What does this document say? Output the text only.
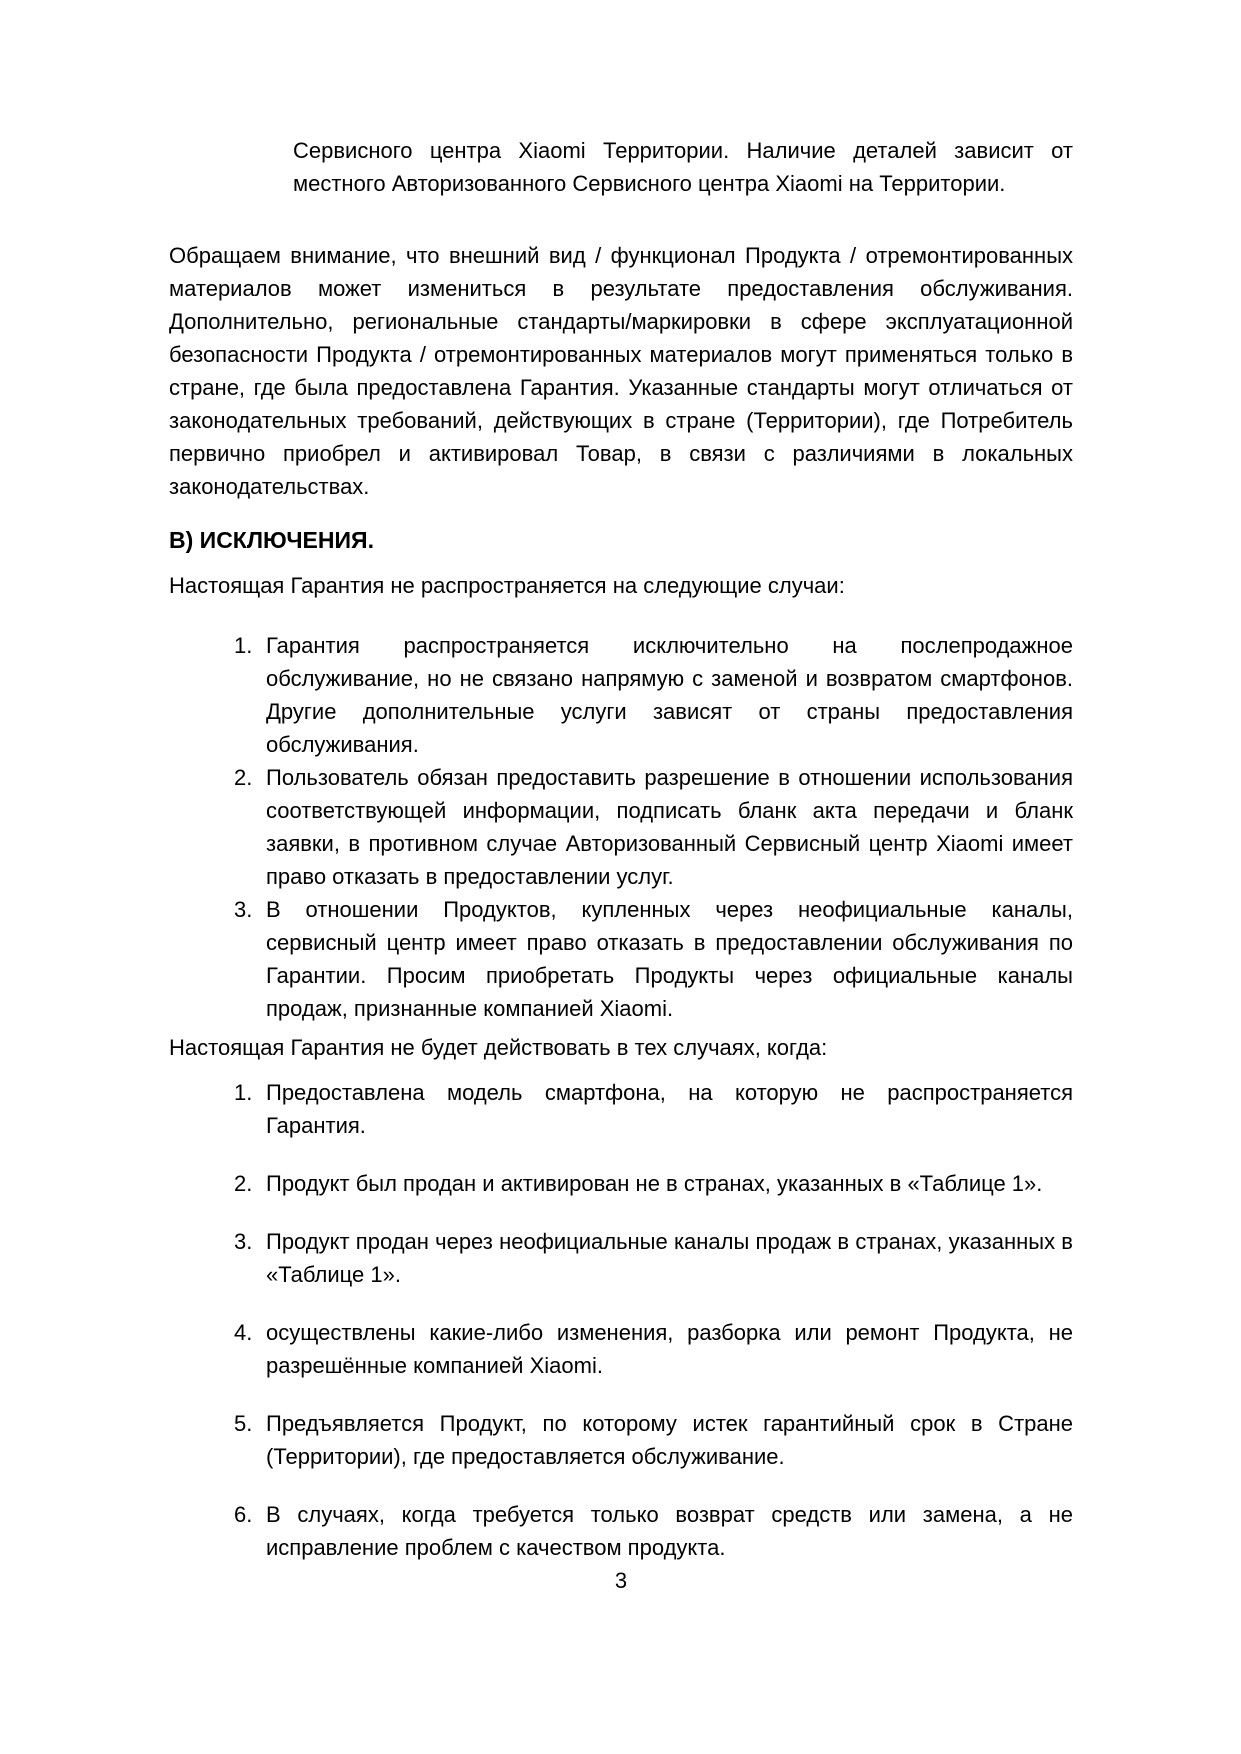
Сервисного центра Xiaomi Территории. Наличие деталей зависит от местного Авторизованного Сервисного центра Xiaomi на Территории.

Обращаем внимание, что внешний вид / функционал Продукта / отремонтированных материалов может измениться в результате предоставления обслуживания. Дополнительно, региональные стандарты/маркировки в сфере эксплуатационной безопасности Продукта / отремонтированных материалов могут применяться только в стране, где была предоставлена Гарантия. Указанные стандарты могут отличаться от законодательных требований, действующих в стране (Территории), где Потребитель первично приобрел и активировал Товар, в связи с различиями в локальных законодательствах.

В) ИСКЛЮЧЕНИЯ.

Настоящая Гарантия не распространяется на следующие случаи:

Гарантия распространяется исключительно на послепродажное обслуживание, но не связано напрямую с заменой и возвратом смартфонов. Другие дополнительные услуги зависят от страны предоставления обслуживания.
Пользователь обязан предоставить разрешение в отношении использования соответствующей информации, подписать бланк акта передачи и бланк заявки, в противном случае Авторизованный Сервисный центр Xiaomi имеет право отказать в предоставлении услуг.
В отношении Продуктов, купленных через неофициальные каналы, сервисный центр имеет право отказать в предоставлении обслуживания по Гарантии. Просим приобретать Продукты через официальные каналы продаж, признанные компанией Xiaomi.

Настоящая Гарантия не будет действовать в тех случаях, когда:

Предоставлена модель смартфона, на которую не распространяется Гарантия.
Продукт был продан и активирован не в странах, указанных в «Таблице 1».
Продукт продан через неофициальные каналы продаж в странах, указанных в «Таблице 1».
осуществлены какие-либо изменения, разборка или ремонт Продукта, не разрешённые компанией Xiaomi.
Предъявляется Продукт, по которому истек гарантийный срок в Стране (Территории), где предоставляется обслуживание.
В случаях, когда требуется только возврат средств или замена, а не исправление проблем с качеством продукта.
3
